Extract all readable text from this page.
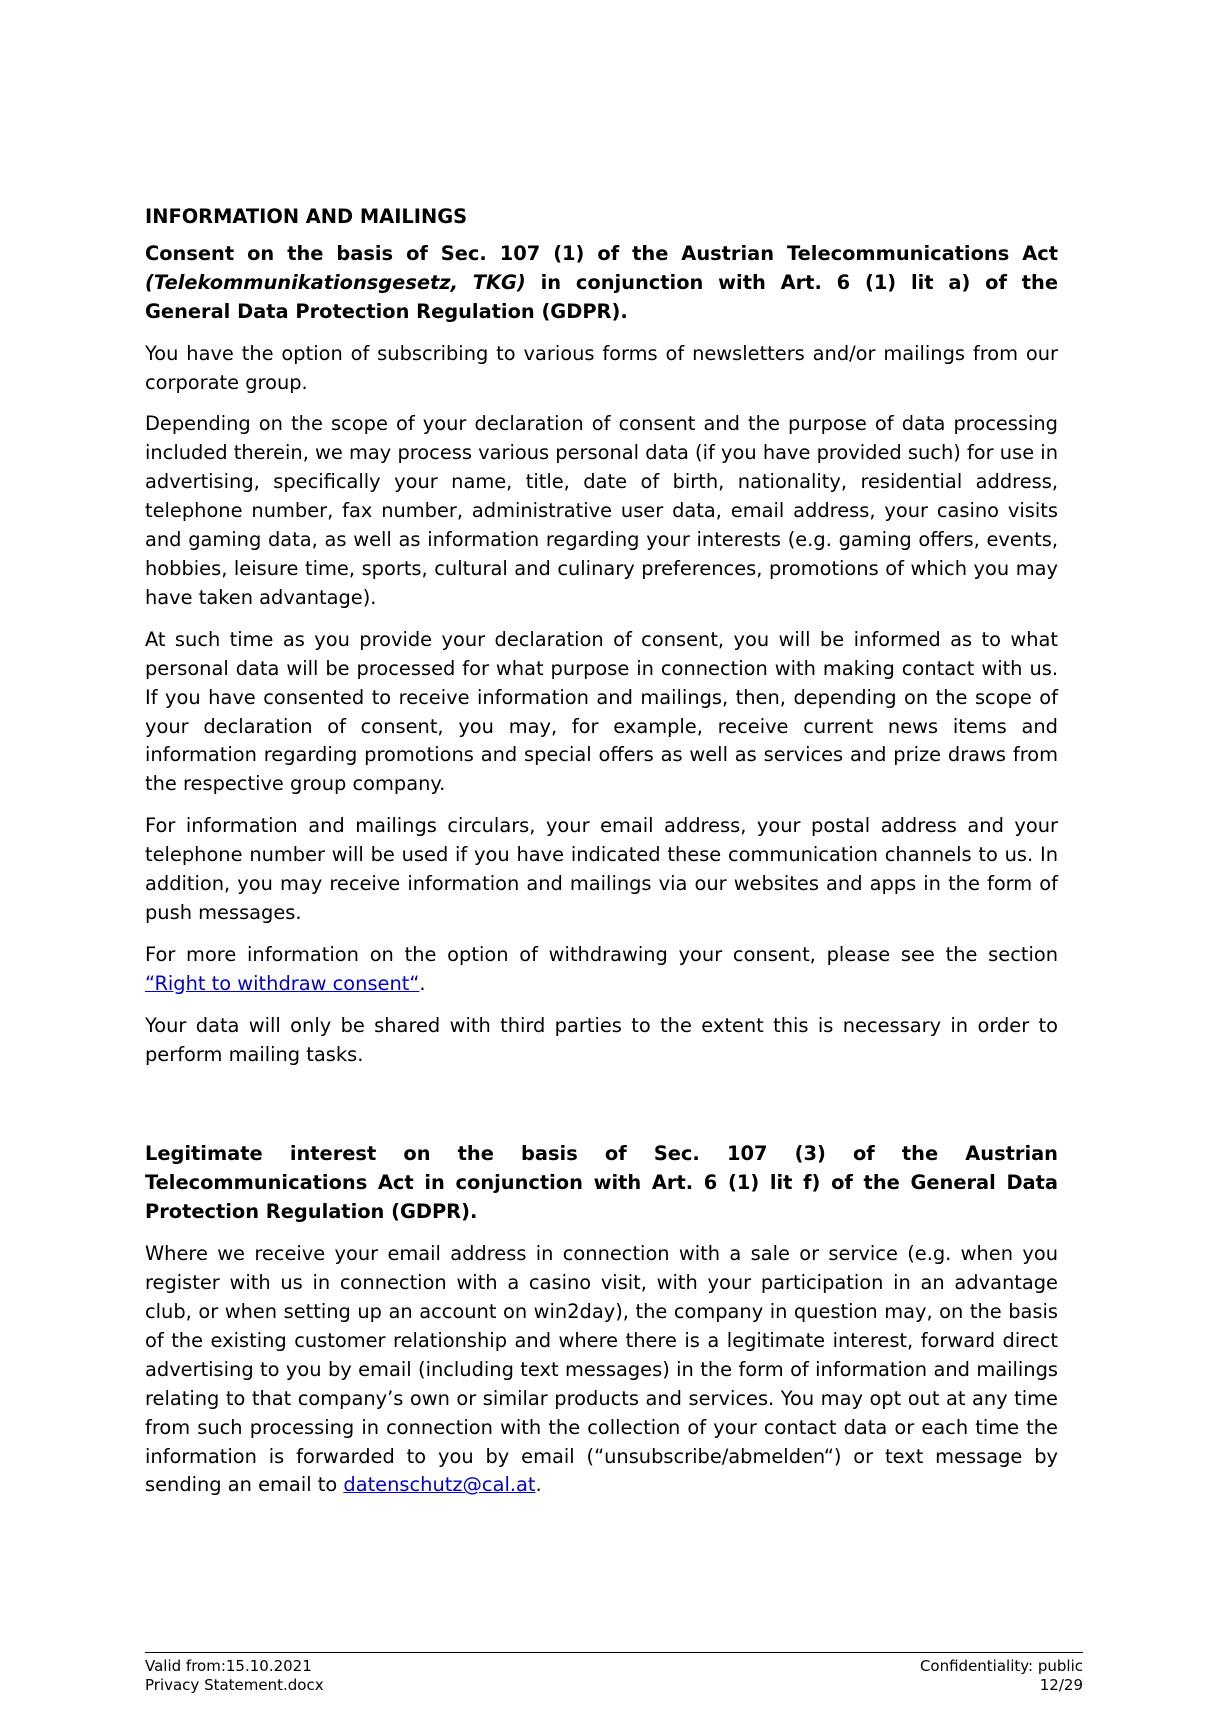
INFORMATION AND MAILINGS

Consent on the basis of Sec. 107 (1) of the Austrian Telecommunications Act (Telekommunikationsgesetz, TKG) in conjunction with Art. 6 (1) lit a) of the General Data Protection Regulation (GDPR).

You have the option of subscribing to various forms of newsletters and/or mailings from our corporate group.

Depending on the scope of your declaration of consent and the purpose of data processing included therein, we may process various personal data (if you have provided such) for use in advertising, specifically your name, title, date of birth, nationality, residential address, telephone number, fax number, administrative user data, email address, your casino visits and gaming data, as well as information regarding your interests (e.g. gaming offers, events, hobbies, leisure time, sports, cultural and culinary preferences, promotions of which you may have taken advantage).

At such time as you provide your declaration of consent, you will be informed as to what personal data will be processed for what purpose in connection with making contact with us. If you have consented to receive information and mailings, then, depending on the scope of your declaration of consent, you may, for example, receive current news items and information regarding promotions and special offers as well as services and prize draws from the respective group company.

For information and mailings circulars, your email address, your postal address and your telephone number will be used if you have indicated these communication channels to us. In addition, you may receive information and mailings via our websites and apps in the form of push messages.

For more information on the option of withdrawing your consent, please see the section “Right to withdraw consent“.

Your data will only be shared with third parties to the extent this is necessary in order to perform mailing tasks.

Legitimate interest on the basis of Sec. 107 (3) of the Austrian Telecommunications Act in conjunction with Art. 6 (1) lit f) of the General Data Protection Regulation (GDPR).

Where we receive your email address in connection with a sale or service (e.g. when you register with us in connection with a casino visit, with your participation in an advantage club, or when setting up an account on win2day), the company in question may, on the basis of the existing customer relationship and where there is a legitimate interest, forward direct advertising to you by email (including text messages) in the form of information and mailings relating to that company’s own or similar products and services. You may opt out at any time from such processing in connection with the collection of your contact data or each time the information is forwarded to you by email (“unsubscribe/abmelden“) or text message by sending an email to datenschutz@cal.at.

Valid from:15.10.2021	Confidentiality: public
Privacy Statement.docx	12/29
